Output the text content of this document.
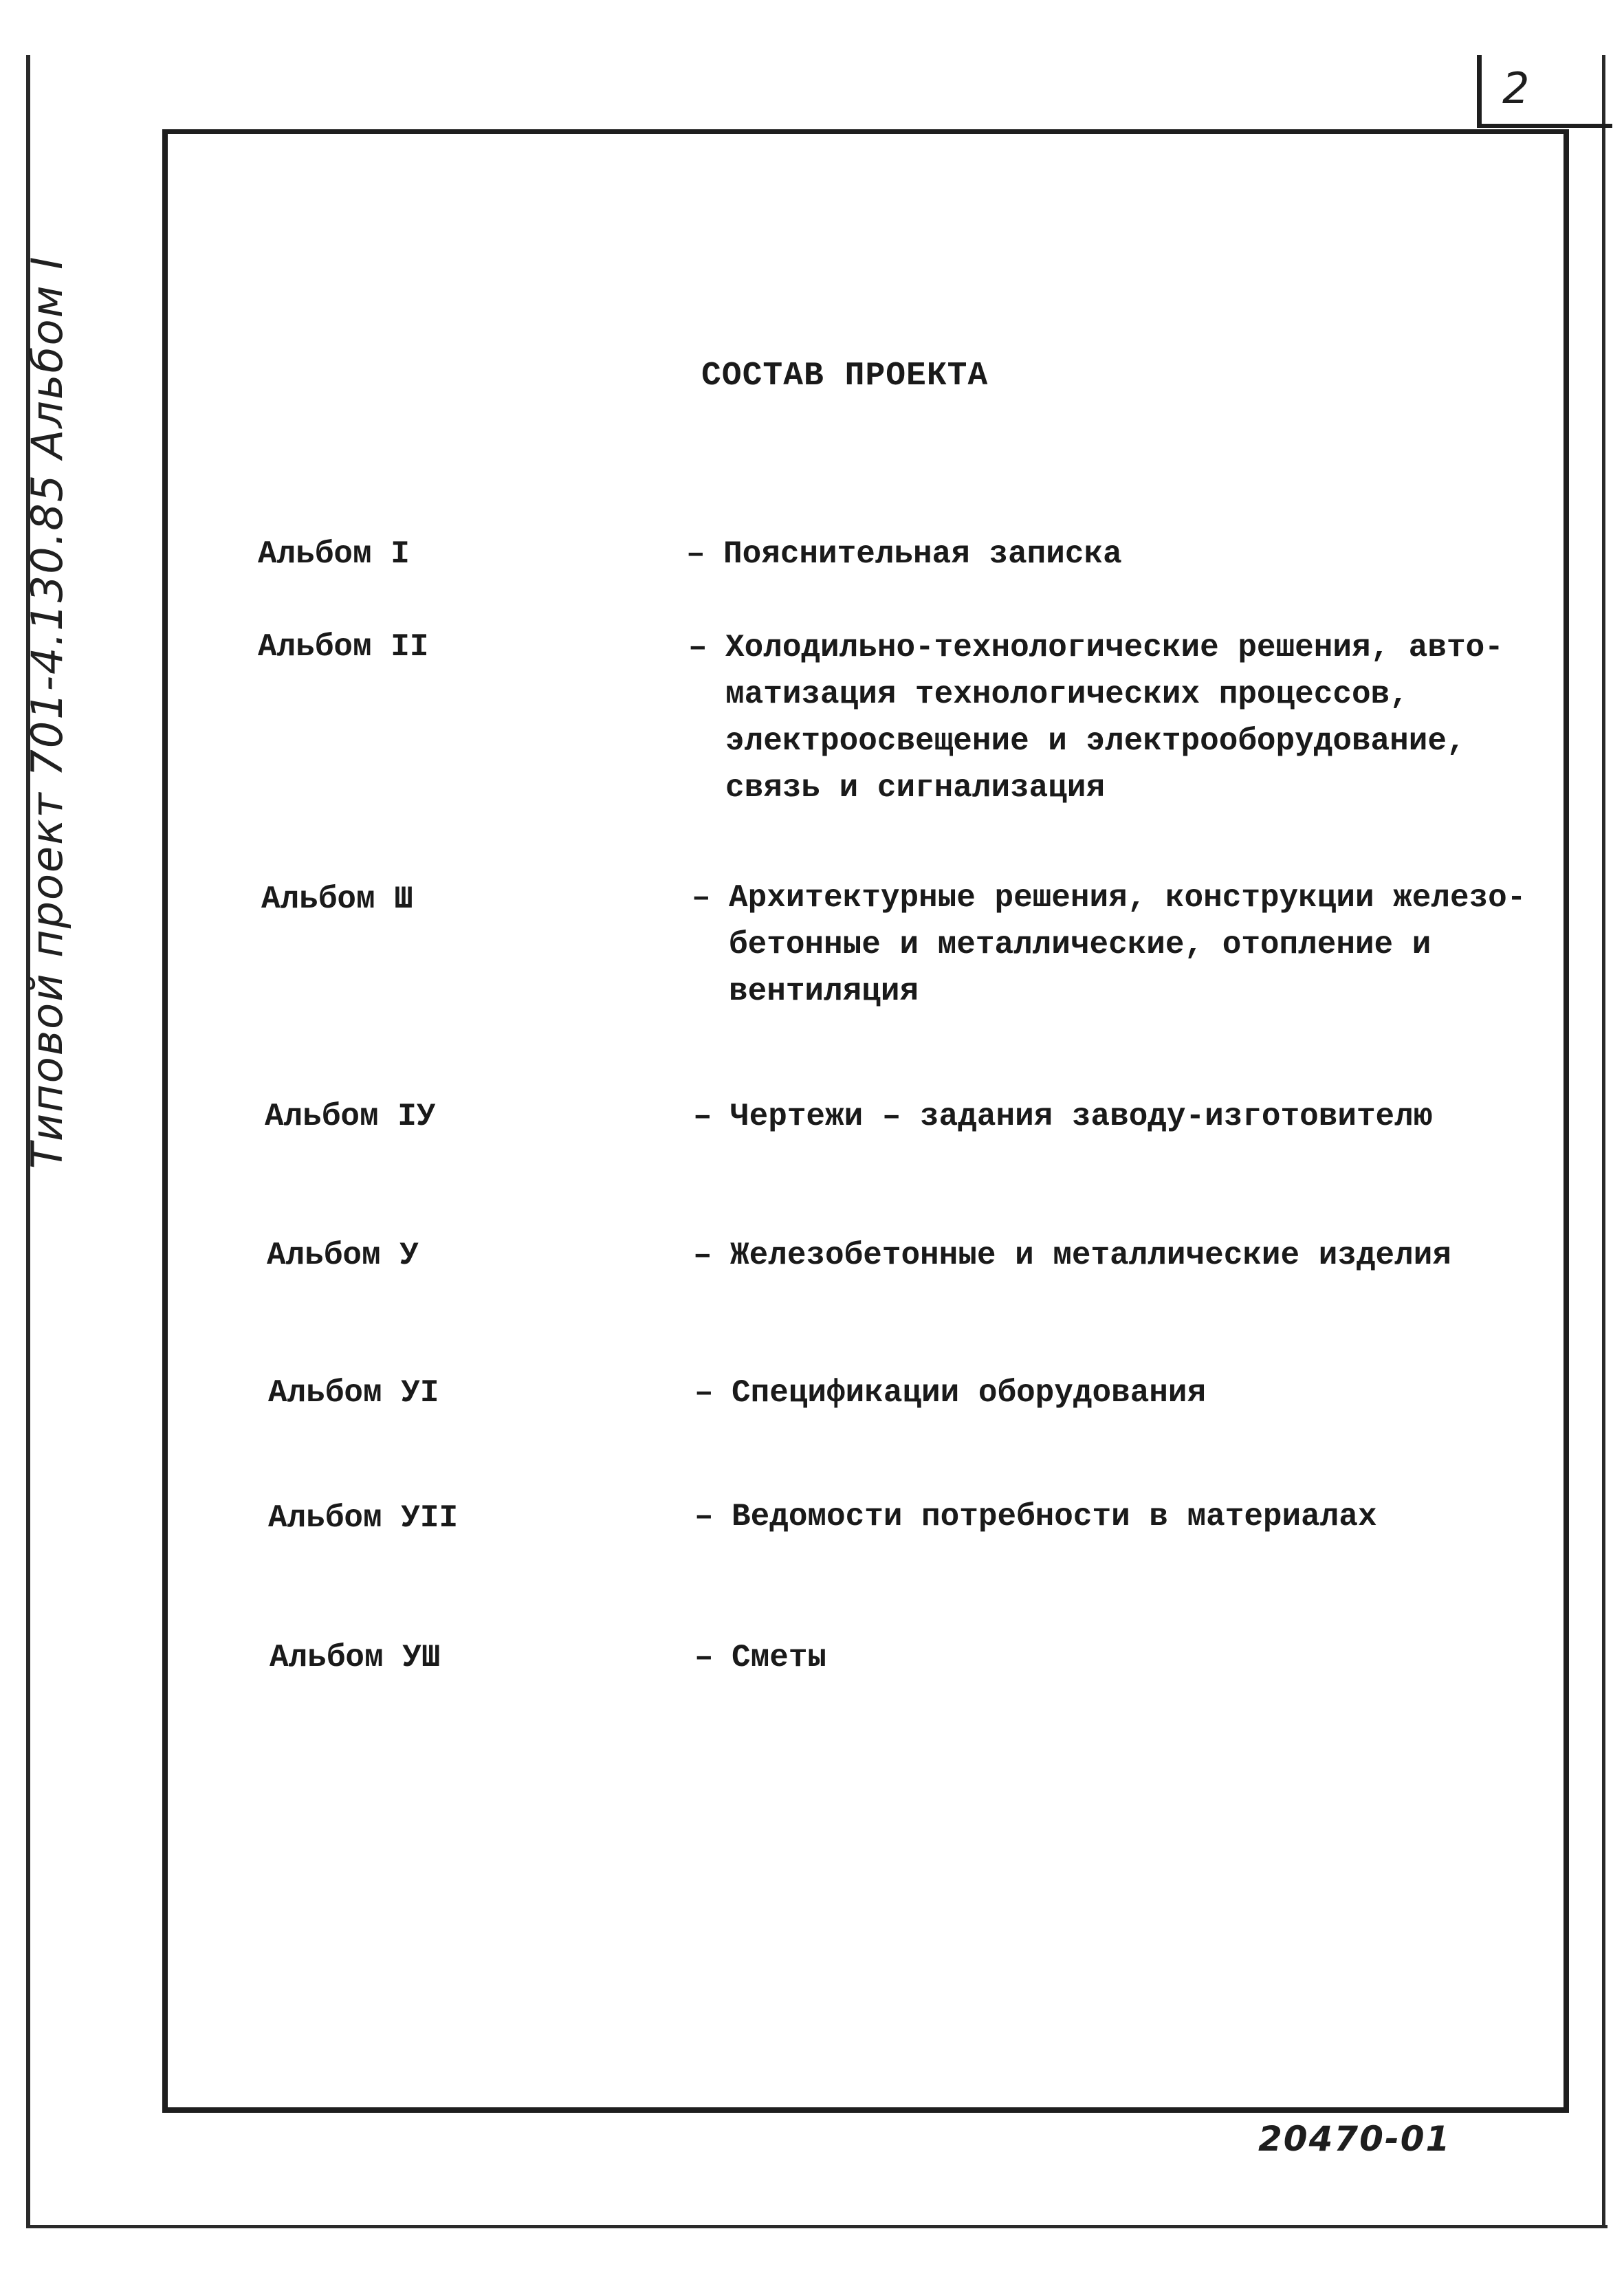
2
Типовой проект 701-4.130.85 Альбом I	СОСТАВ ПРОЕКТА
Альбом I	– Пояснительная записка
Альбом II	– Холодильно-технологические решения, авто-
матизация технологических процессов,
электроосвещение и электрооборудование,
связь и сигнализация
Альбом Ш	– Архитектурные решения, конструкции железо-
бетонные и металлические, отопление и
вентиляция
Альбом IУ	– Чертежи – задания заводу-изготовителю
Альбом У	– Железобетонные и металлические изделия
Альбом УI	– Спецификации оборудования
Альбом УII	– Ведомости потребности в материалах
Альбом УШ	– Сметы
20470-01
